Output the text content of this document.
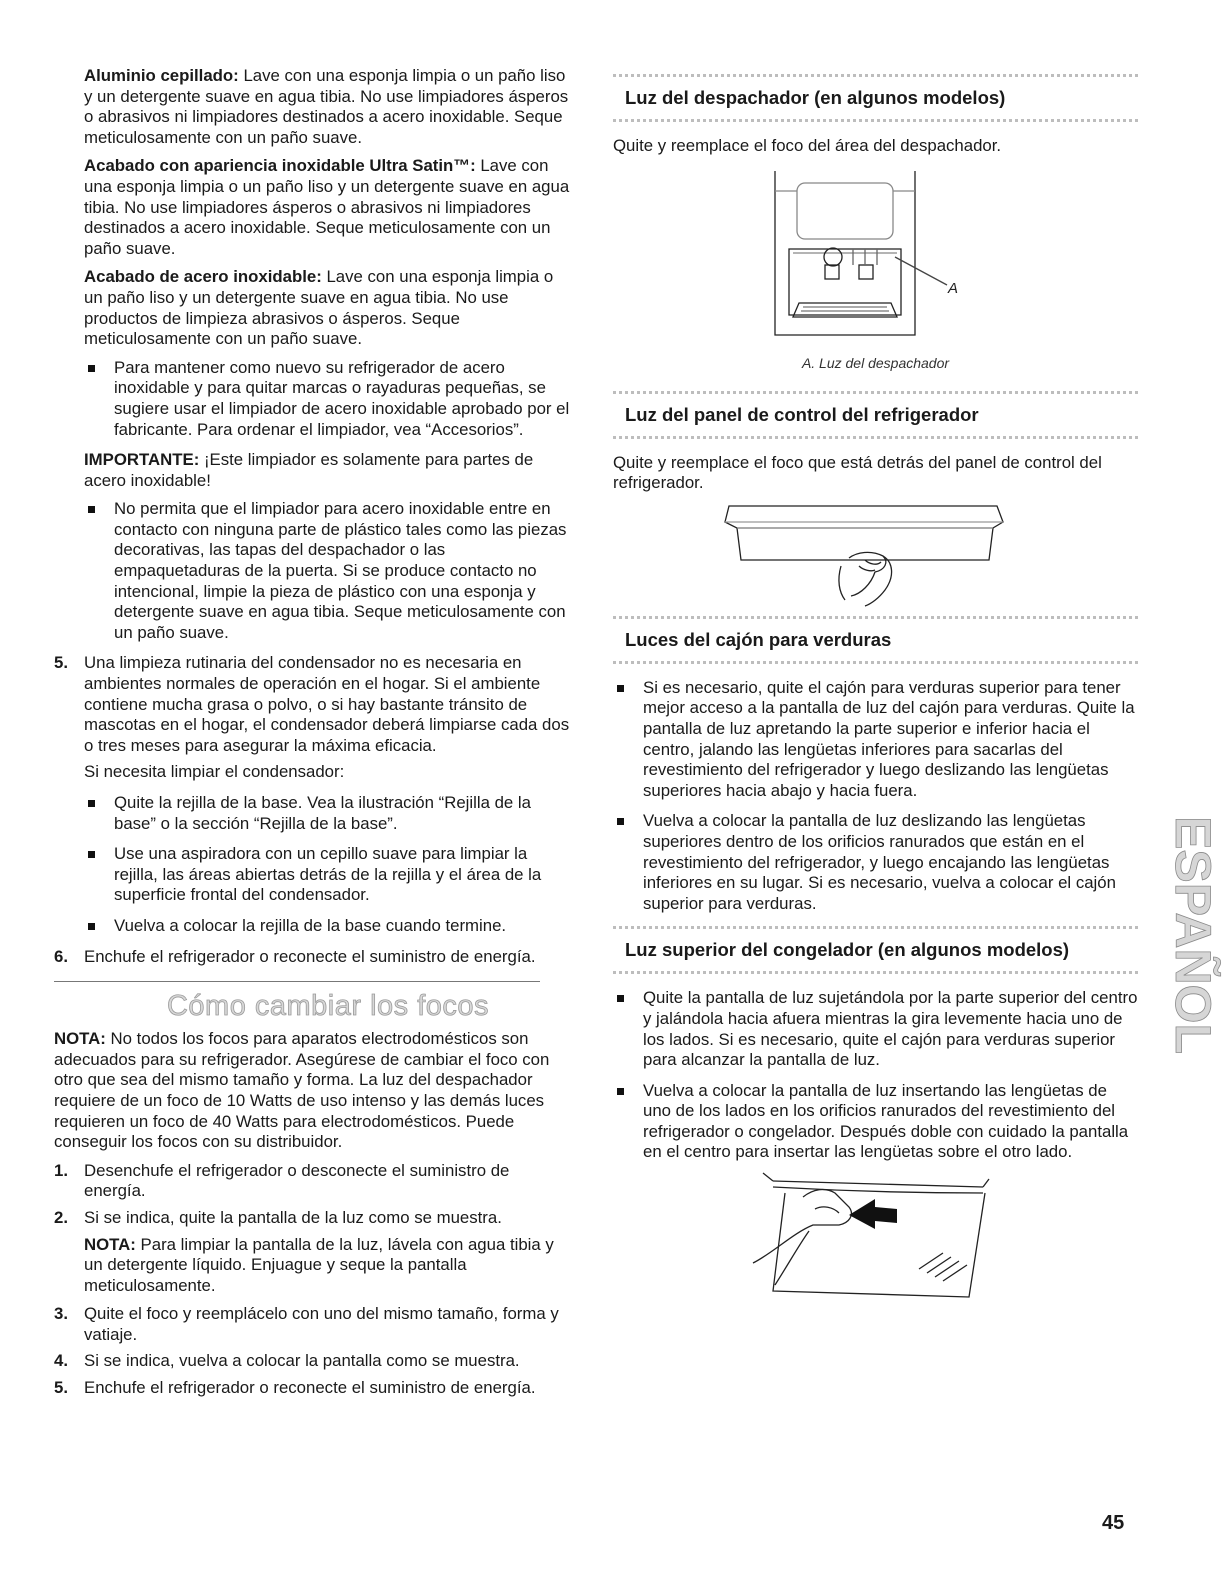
Aluminio cepillado: Lave con una esponja limpia o un paño liso y un detergente suave en agua tibia. No use limpiadores ásperos o abrasivos ni limpiadores destinados a acero inoxidable. Seque meticulosamente con un paño suave.

Acabado con apariencia inoxidable Ultra Satin™: Lave con una esponja limpia o un paño liso y un detergente suave en agua tibia. No use limpiadores ásperos o abrasivos ni limpiadores destinados a acero inoxidable. Seque meticulosamente con un paño suave.

Acabado de acero inoxidable: Lave con una esponja limpia o un paño liso y un detergente suave en agua tibia. No use productos de limpieza abrasivos o ásperos. Seque meticulosamente con un paño suave.

Para mantener como nuevo su refrigerador de acero inoxidable y para quitar marcas o rayaduras pequeñas, se sugiere usar el limpiador de acero inoxidable aprobado por el fabricante. Para ordenar el limpiador, vea “Accesorios”.

IMPORTANTE: ¡Este limpiador es solamente para partes de acero inoxidable!

No permita que el limpiador para acero inoxidable entre en contacto con ninguna parte de plástico tales como las piezas decorativas, las tapas del despachador o las empaquetaduras de la puerta. Si se produce contacto no intencional, limpie la pieza de plástico con una esponja y detergente suave en agua tibia. Seque meticulosamente con un paño suave.
5. Una limpieza rutinaria del condensador no es necesaria en ambientes normales de operación en el hogar. Si el ambiente contiene mucha grasa o polvo, o si hay bastante tránsito de mascotas en el hogar, el condensador deberá limpiarse cada dos o tres meses para asegurar la máxima eficacia.

Si necesita limpiar el condensador:

Quite la rejilla de la base. Vea la ilustración “Rejilla de la base” o la sección “Rejilla de la base”.
Use una aspiradora con un cepillo suave para limpiar la rejilla, las áreas abiertas detrás de la rejilla y el área de la superficie frontal del condensador.
Vuelva a colocar la rejilla de la base cuando termine.
6. Enchufe el refrigerador o reconecte el suministro de energía.
Cómo cambiar los focos

NOTA: No todos los focos para aparatos electrodomésticos son adecuados para su refrigerador. Asegúrese de cambiar el foco con otro que sea del mismo tamaño y forma. La luz del despachador requiere de un foco de 10 Watts de uso intenso y las demás luces requieren un foco de 40 Watts para electrodomésticos. Puede conseguir los focos con su distribuidor.

1. Desenchufe el refrigerador o desconecte el suministro de energía.
2. Si se indica, quite la pantalla de la luz como se muestra.

NOTA: Para limpiar la pantalla de la luz, lávela con agua tibia y un detergente líquido. Enjuague y seque la pantalla meticulosamente.

3. Quite el foco y reemplácelo con uno del mismo tamaño, forma y vatiaje.
4. Si se indica, vuelva a colocar la pantalla como se muestra.
5. Enchufe el refrigerador o reconecte el suministro de energía.
Luz del despachador (en algunos modelos)

Quite y reemplace el foco del área del despachador.

A
A. Luz del despachador
Luz del panel de control del refrigerador

Quite y reemplace el foco que está detrás del panel de control del refrigerador.

Luces del cajón para verduras
Si es necesario, quite el cajón para verduras superior para tener mejor acceso a la pantalla de luz del cajón para verduras. Quite la pantalla de luz apretando la parte superior e inferior hacia el centro, jalando las lengüetas inferiores para sacarlas del revestimiento del refrigerador y luego deslizando las lengüetas superiores hacia abajo y hacia fuera.
Vuelva a colocar la pantalla de luz deslizando las lengüetas superiores dentro de los orificios ranurados que están en el revestimiento del refrigerador, y luego encajando las lengüetas inferiores en su lugar. Si es necesario, vuelva a colocar el cajón superior para verduras.
Luz superior del congelador (en algunos modelos)
Quite la pantalla de luz sujetándola por la parte superior del centro y jalándola hacia afuera mientras la gira levemente hacia uno de los lados. Si es necesario, quite el cajón para verduras superior para alcanzar la pantalla de luz.
Vuelva a colocar la pantalla de luz insertando las lengüetas de uno de los lados en los orificios ranurados del revestimiento del refrigerador o congelador. Después doble con cuidado la pantalla en el centro para insertar las lengüetas sobre el otro lado.
ESPAÑOL
45
